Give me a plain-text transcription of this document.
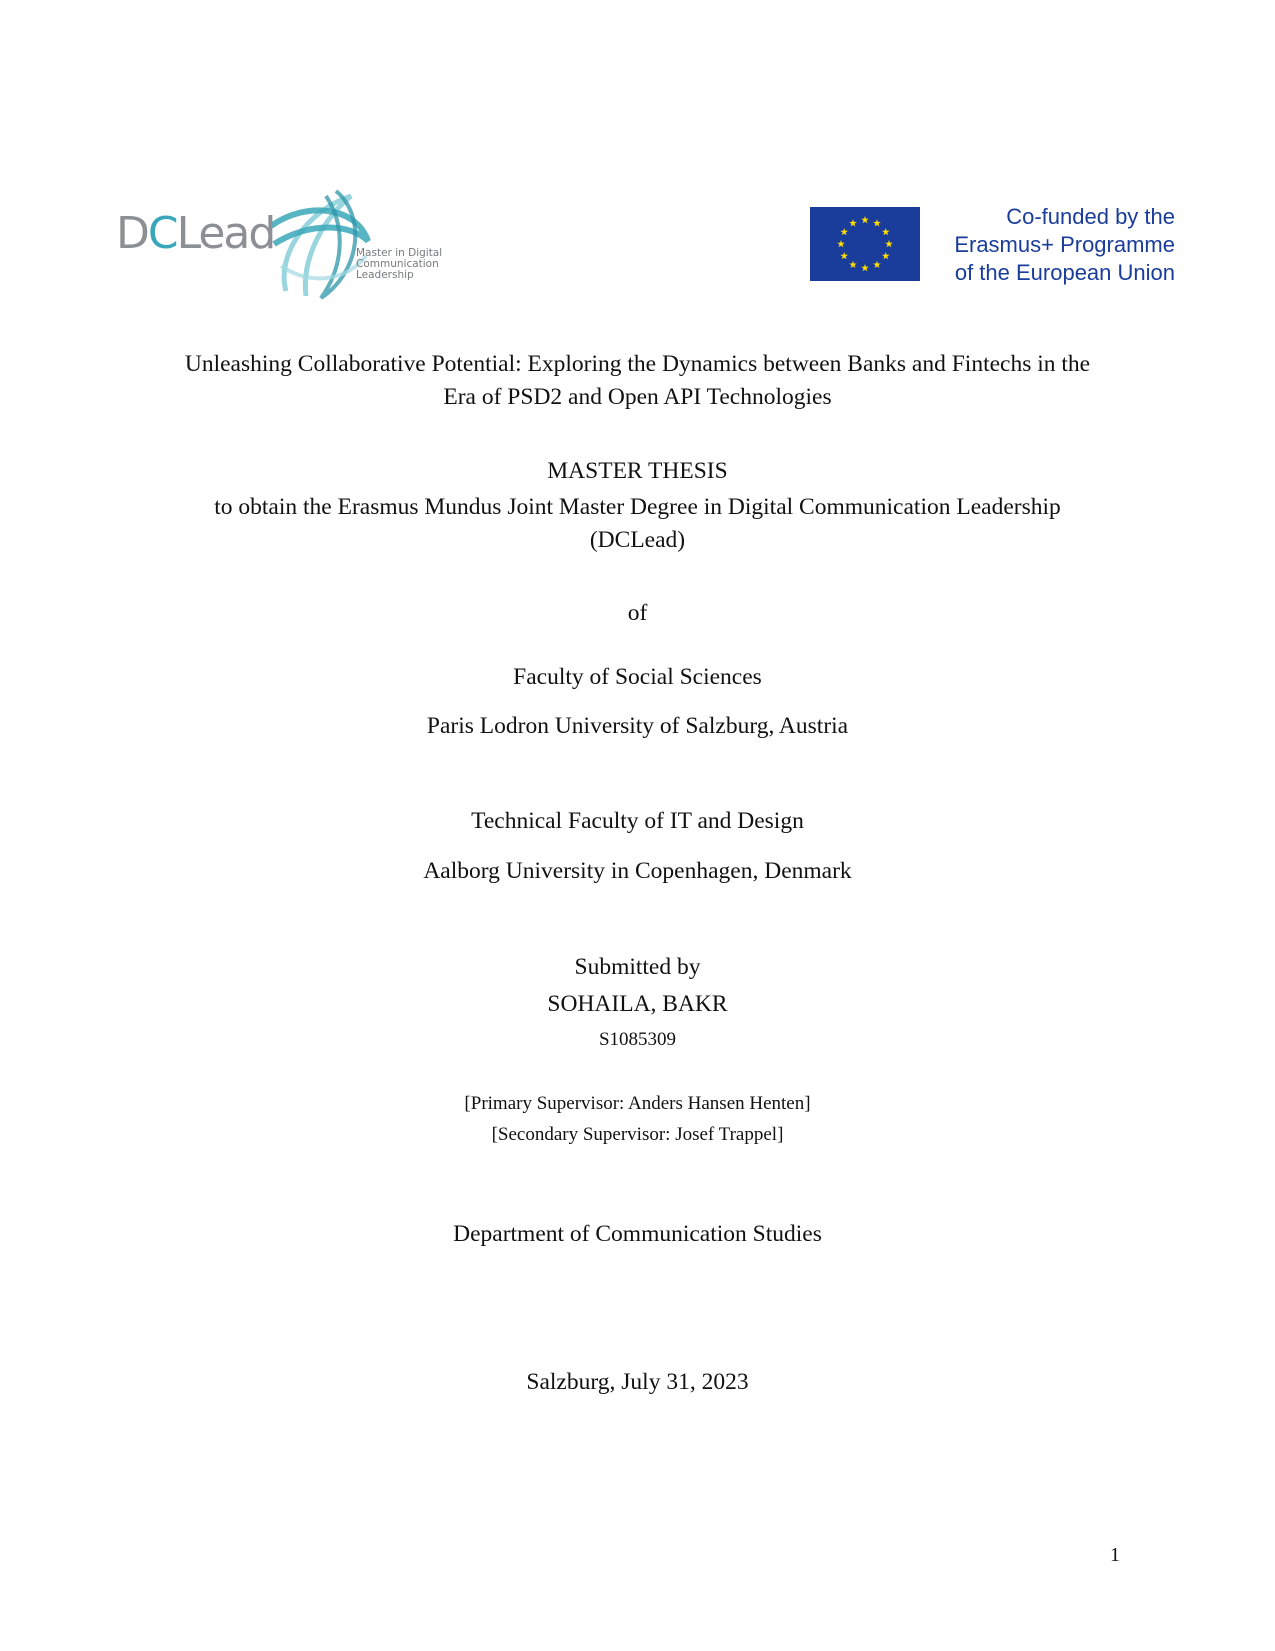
DCLead	Master in Digital
Communication
Leadership
Co-funded by the
Erasmus+ Programme
of the European Union
Unleashing Collaborative Potential: Exploring the Dynamics between Banks and Fintechs in the
Era of PSD2 and Open API Technologies
MASTER THESIS
to obtain the Erasmus Mundus Joint Master Degree in Digital Communication Leadership
(DCLead)
of
Faculty of Social Sciences
Paris Lodron University of Salzburg, Austria
Technical Faculty of IT and Design
Aalborg University in Copenhagen, Denmark
Submitted by
SOHAILA, BAKR
S1085309
[Primary Supervisor: Anders Hansen Henten]
[Secondary Supervisor: Josef Trappel]
Department of Communication Studies
Salzburg, July 31, 2023
1
